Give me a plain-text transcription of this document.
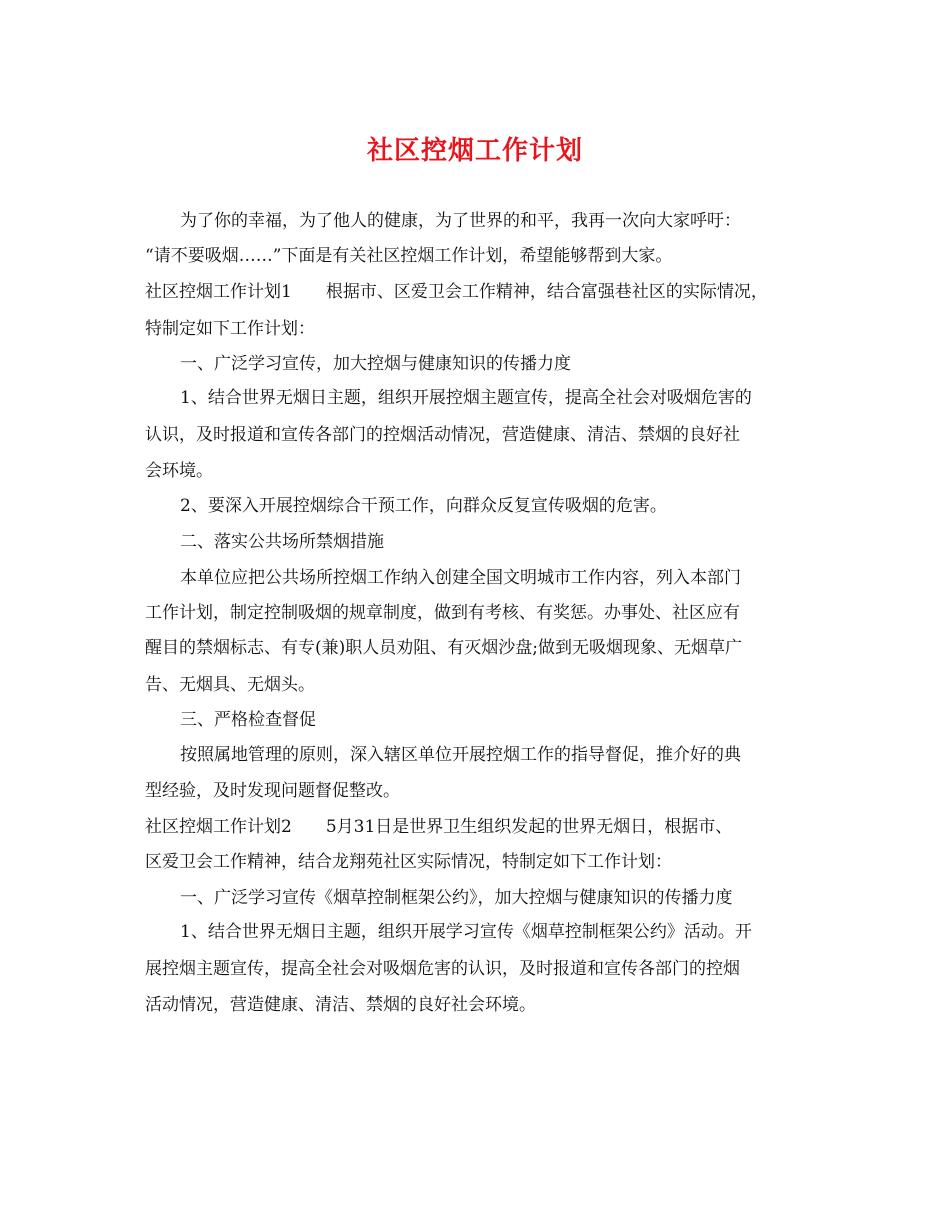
社区控烟工作计划
为了你的幸福，为了他人的健康，为了世界的和平，我再一次向大家呼吁：
“请不要吸烟……”下面是有关社区控烟工作计划，希望能够帮到大家。
社区控烟工作计划1　　根据市、区爱卫会工作精神，结合富强巷社区的实际情况，
特制定如下工作计划：
一、广泛学习宣传，加大控烟与健康知识的传播力度
1、结合世界无烟日主题，组织开展控烟主题宣传，提高全社会对吸烟危害的
认识，及时报道和宣传各部门的控烟活动情况，营造健康、清洁、禁烟的良好社
会环境。
2、要深入开展控烟综合干预工作，向群众反复宣传吸烟的危害。
二、落实公共场所禁烟措施
本单位应把公共场所控烟工作纳入创建全国文明城市工作内容，列入本部门
工作计划，制定控制吸烟的规章制度，做到有考核、有奖惩。办事处、社区应有
醒目的禁烟标志、有专(兼)职人员劝阻、有灭烟沙盘;做到无吸烟现象、无烟草广
告、无烟具、无烟头。
三、严格检查督促
按照属地管理的原则，深入辖区单位开展控烟工作的指导督促，推介好的典
型经验，及时发现问题督促整改。
社区控烟工作计划2　　5月31日是世界卫生组织发起的世界无烟日，根据市、
区爱卫会工作精神，结合龙翔苑社区实际情况，特制定如下工作计划：
一、广泛学习宣传《烟草控制框架公约》，加大控烟与健康知识的传播力度
1、结合世界无烟日主题，组织开展学习宣传《烟草控制框架公约》活动。开
展控烟主题宣传，提高全社会对吸烟危害的认识，及时报道和宣传各部门的控烟
活动情况，营造健康、清洁、禁烟的良好社会环境。
